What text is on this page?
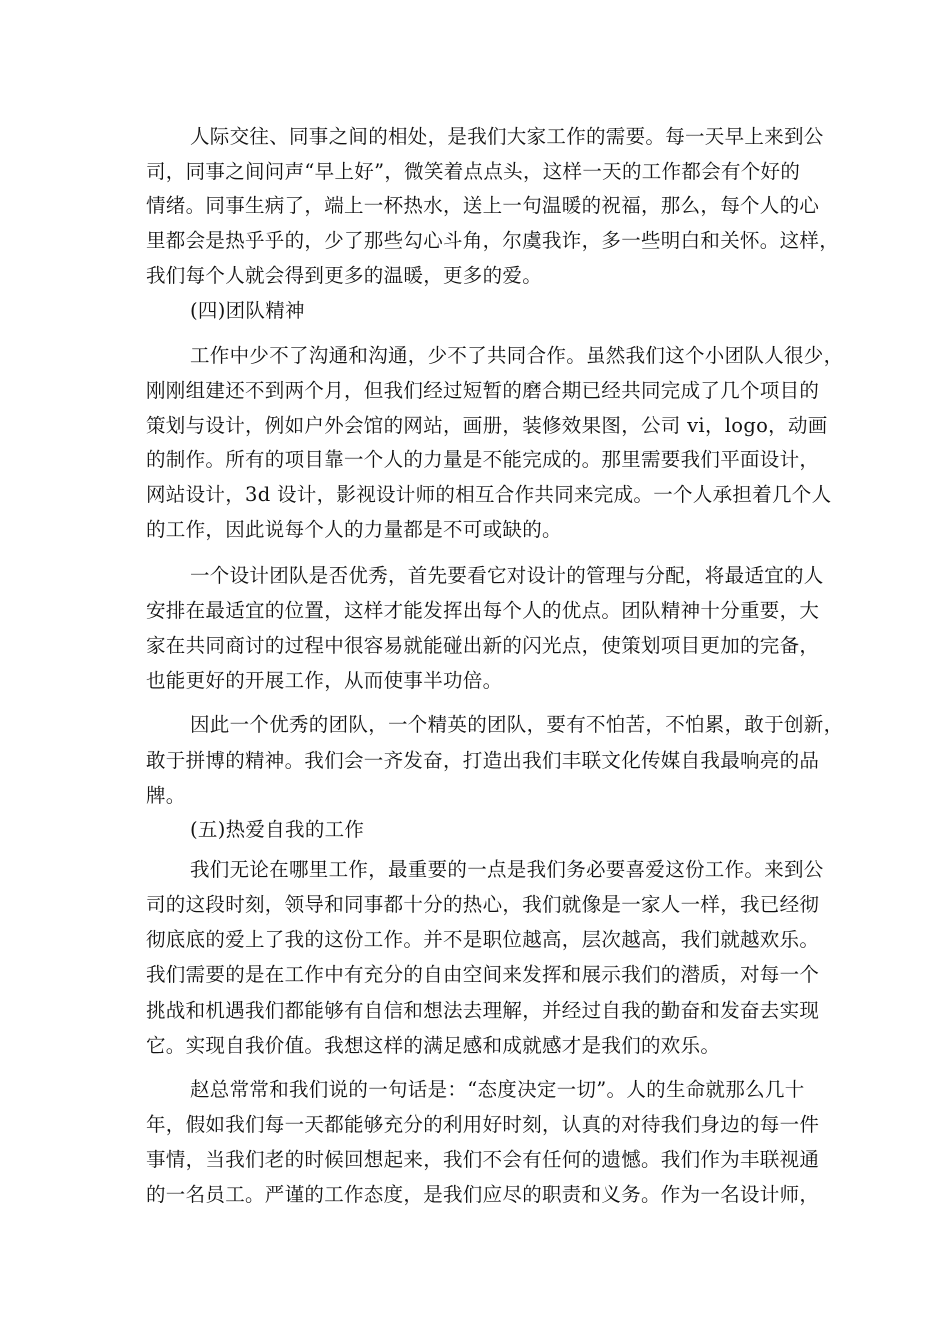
人际交往、同事之间的相处，是我们大家工作的需要。每一天早上来到公
司，同事之间问声“早上好”，微笑着点点头，这样一天的工作都会有个好的
情绪。同事生病了，端上一杯热水，送上一句温暖的祝福，那么，每个人的心
里都会是热乎乎的，少了那些勾心斗角，尔虞我诈，多一些明白和关怀。这样，
我们每个人就会得到更多的温暖，更多的爱。
(四)团队精神
工作中少不了沟通和沟通，少不了共同合作。虽然我们这个小团队人很少，
刚刚组建还不到两个月，但我们经过短暂的磨合期已经共同完成了几个项目的
策划与设计，例如户外会馆的网站，画册，装修效果图，公司 vi，logo，动画
的制作。所有的项目靠一个人的力量是不能完成的。那里需要我们平面设计，
网站设计，3d 设计，影视设计师的相互合作共同来完成。一个人承担着几个人
的工作，因此说每个人的力量都是不可或缺的。
一个设计团队是否优秀，首先要看它对设计的管理与分配，将最适宜的人
安排在最适宜的位置，这样才能发挥出每个人的优点。团队精神十分重要，大
家在共同商讨的过程中很容易就能碰出新的闪光点，使策划项目更加的完备，
也能更好的开展工作，从而使事半功倍。
因此一个优秀的团队，一个精英的团队，要有不怕苦，不怕累，敢于创新，
敢于拼博的精神。我们会一齐发奋，打造出我们丰联文化传媒自我最响亮的品
牌。
(五)热爱自我的工作
我们无论在哪里工作，最重要的一点是我们务必要喜爱这份工作。来到公
司的这段时刻，领导和同事都十分的热心，我们就像是一家人一样，我已经彻
彻底底的爱上了我的这份工作。并不是职位越高，层次越高，我们就越欢乐。
我们需要的是在工作中有充分的自由空间来发挥和展示我们的潜质，对每一个
挑战和机遇我们都能够有自信和想法去理解，并经过自我的勤奋和发奋去实现
它。实现自我价值。我想这样的满足感和成就感才是我们的欢乐。
赵总常常和我们说的一句话是：“态度决定一切”。人的生命就那么几十
年，假如我们每一天都能够充分的利用好时刻，认真的对待我们身边的每一件
事情，当我们老的时候回想起来，我们不会有任何的遗憾。我们作为丰联视通
的一名员工。严谨的工作态度，是我们应尽的职责和义务。作为一名设计师，
